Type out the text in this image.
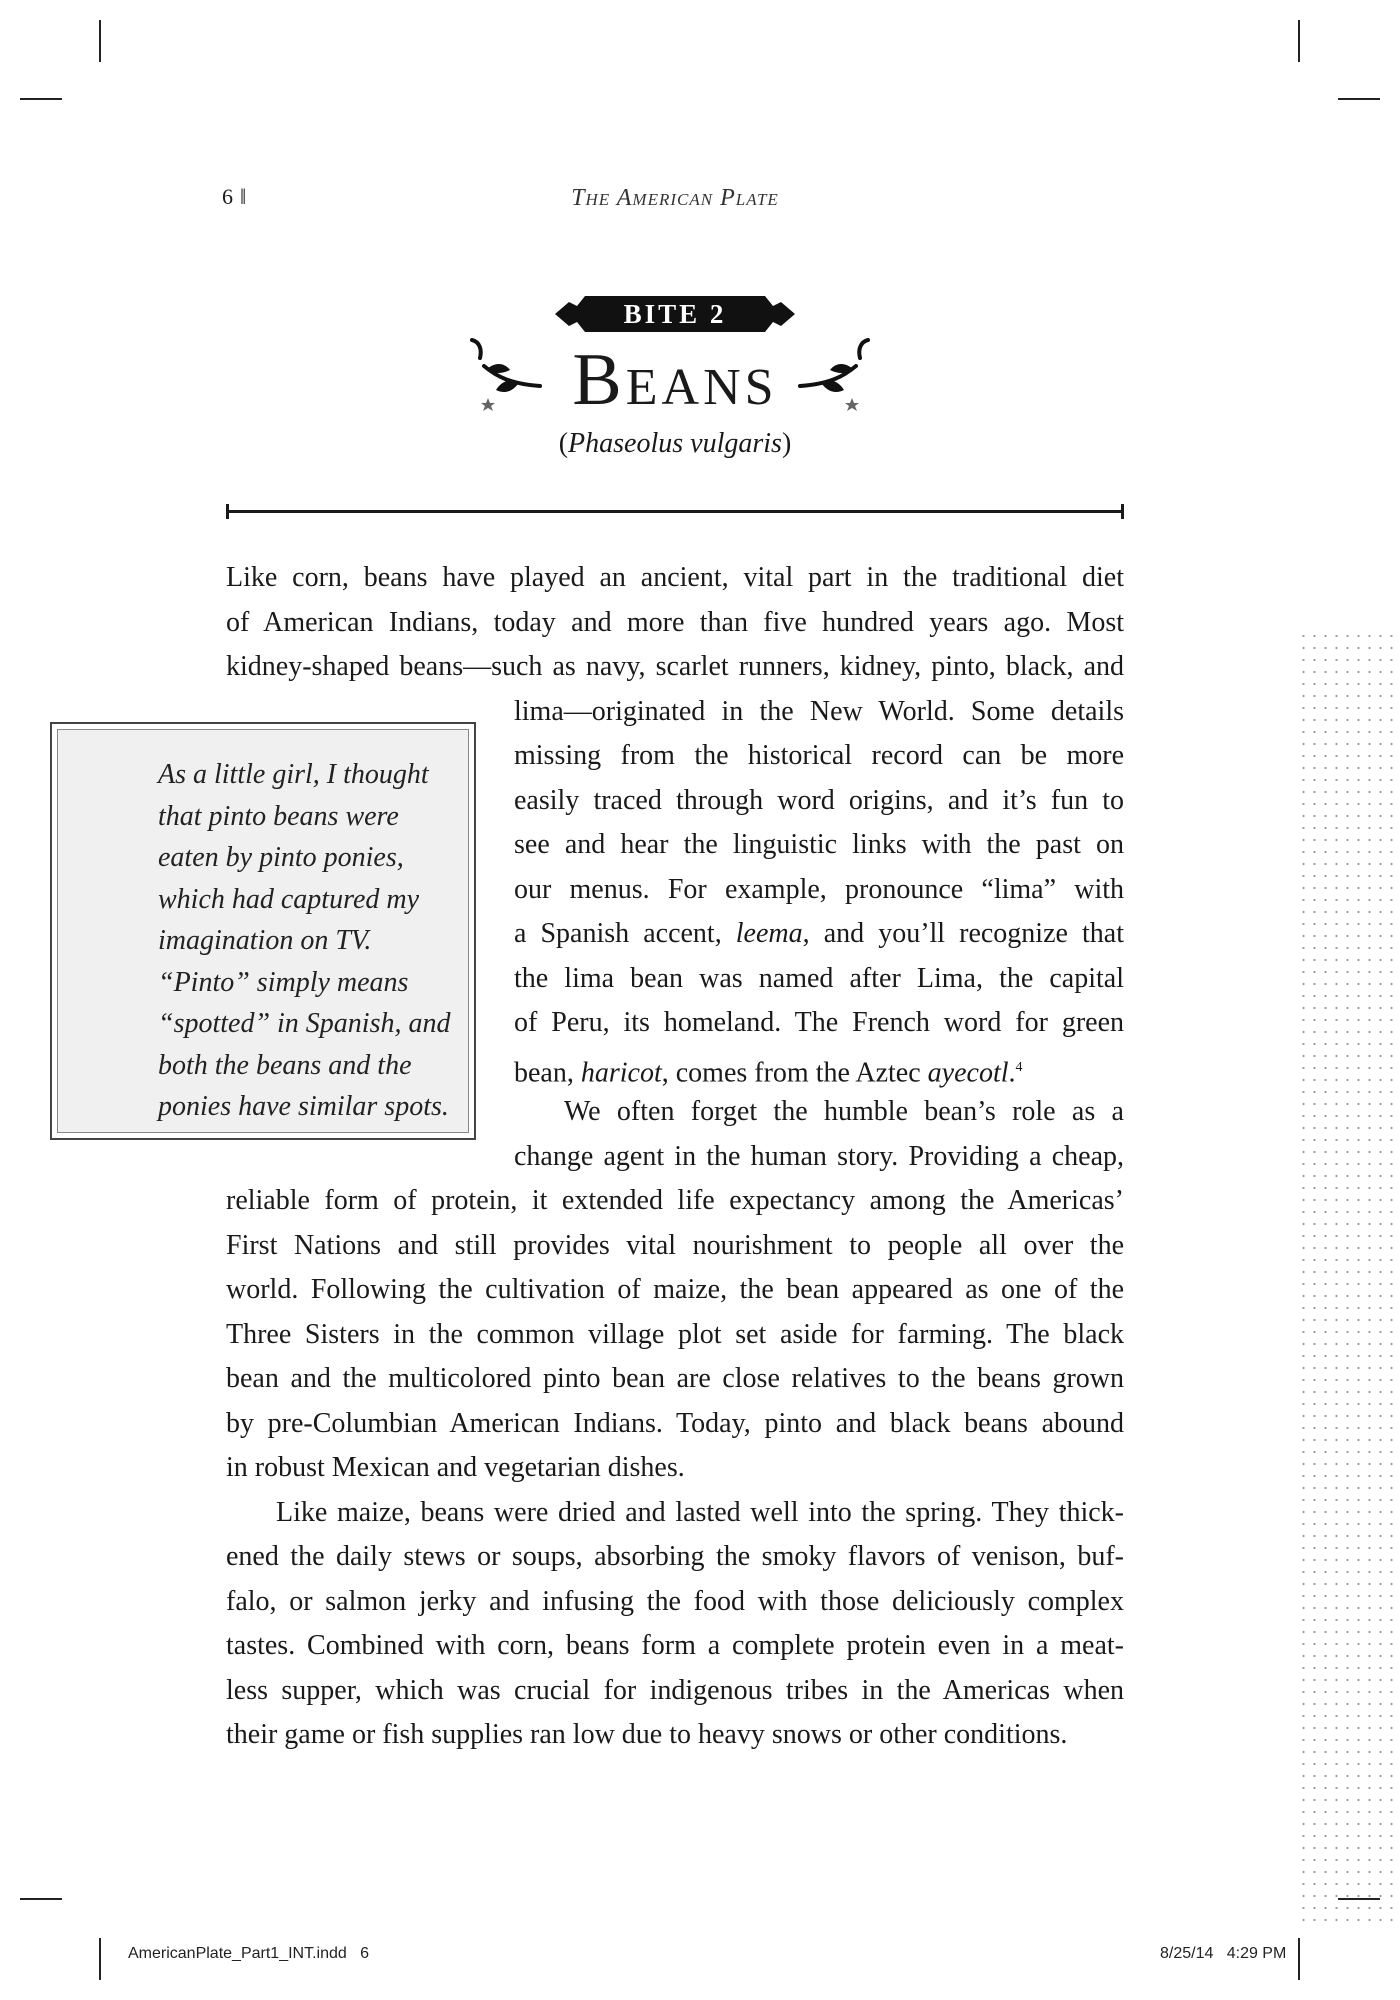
6 ‖	The American Plate
BITE 2
Beans
(Phaseolus vulgaris)
Like corn, beans have played an ancient, vital part in the traditional diet
of American Indians, today and more than five hundred years ago. Most
kidney-shaped beans—such as navy, scarlet runners, kidney, pinto, black, and
lima—originated in the New World. Some details
missing from the historical record can be more
easily traced through word origins, and it’s fun to
see and hear the linguistic links with the past on
our menus. For example, pronounce “lima” with
a Spanish accent, leema, and you’ll recognize that
the lima bean was named after Lima, the capital
of Peru, its homeland. The French word for green
bean, haricot, comes from the Aztec ayecotl.$^4$
We often forget the humble bean’s role as a
change agent in the human story. Providing a cheap,
reliable form of protein, it extended life expectancy among the Americas’
First Nations and still provides vital nourishment to people all over the
world. Following the cultivation of maize, the bean appeared as one of the
Three Sisters in the common village plot set aside for farming. The black
bean and the multicolored pinto bean are close relatives to the beans grown
by pre-Columbian American Indians. Today, pinto and black beans abound
in robust Mexican and vegetarian dishes.
Like maize, beans were dried and lasted well into the spring. They thick-
ened the daily stews or soups, absorbing the smoky flavors of venison, buf-
falo, or salmon jerky and infusing the food with those deliciously complex
tastes. Combined with corn, beans form a complete protein even in a meat-
less supper, which was crucial for indigenous tribes in the Americas when
their game or fish supplies ran low due to heavy snows or other conditions.
As a little girl, I thought
that pinto beans were
eaten by pinto ponies,
which had captured my
imagination on TV.
“Pinto” simply means
“spotted” in Spanish, and
both the beans and the
ponies have similar spots.
AmericanPlate_Part1_INT.indd   6	8/25/14   4:29 PM
